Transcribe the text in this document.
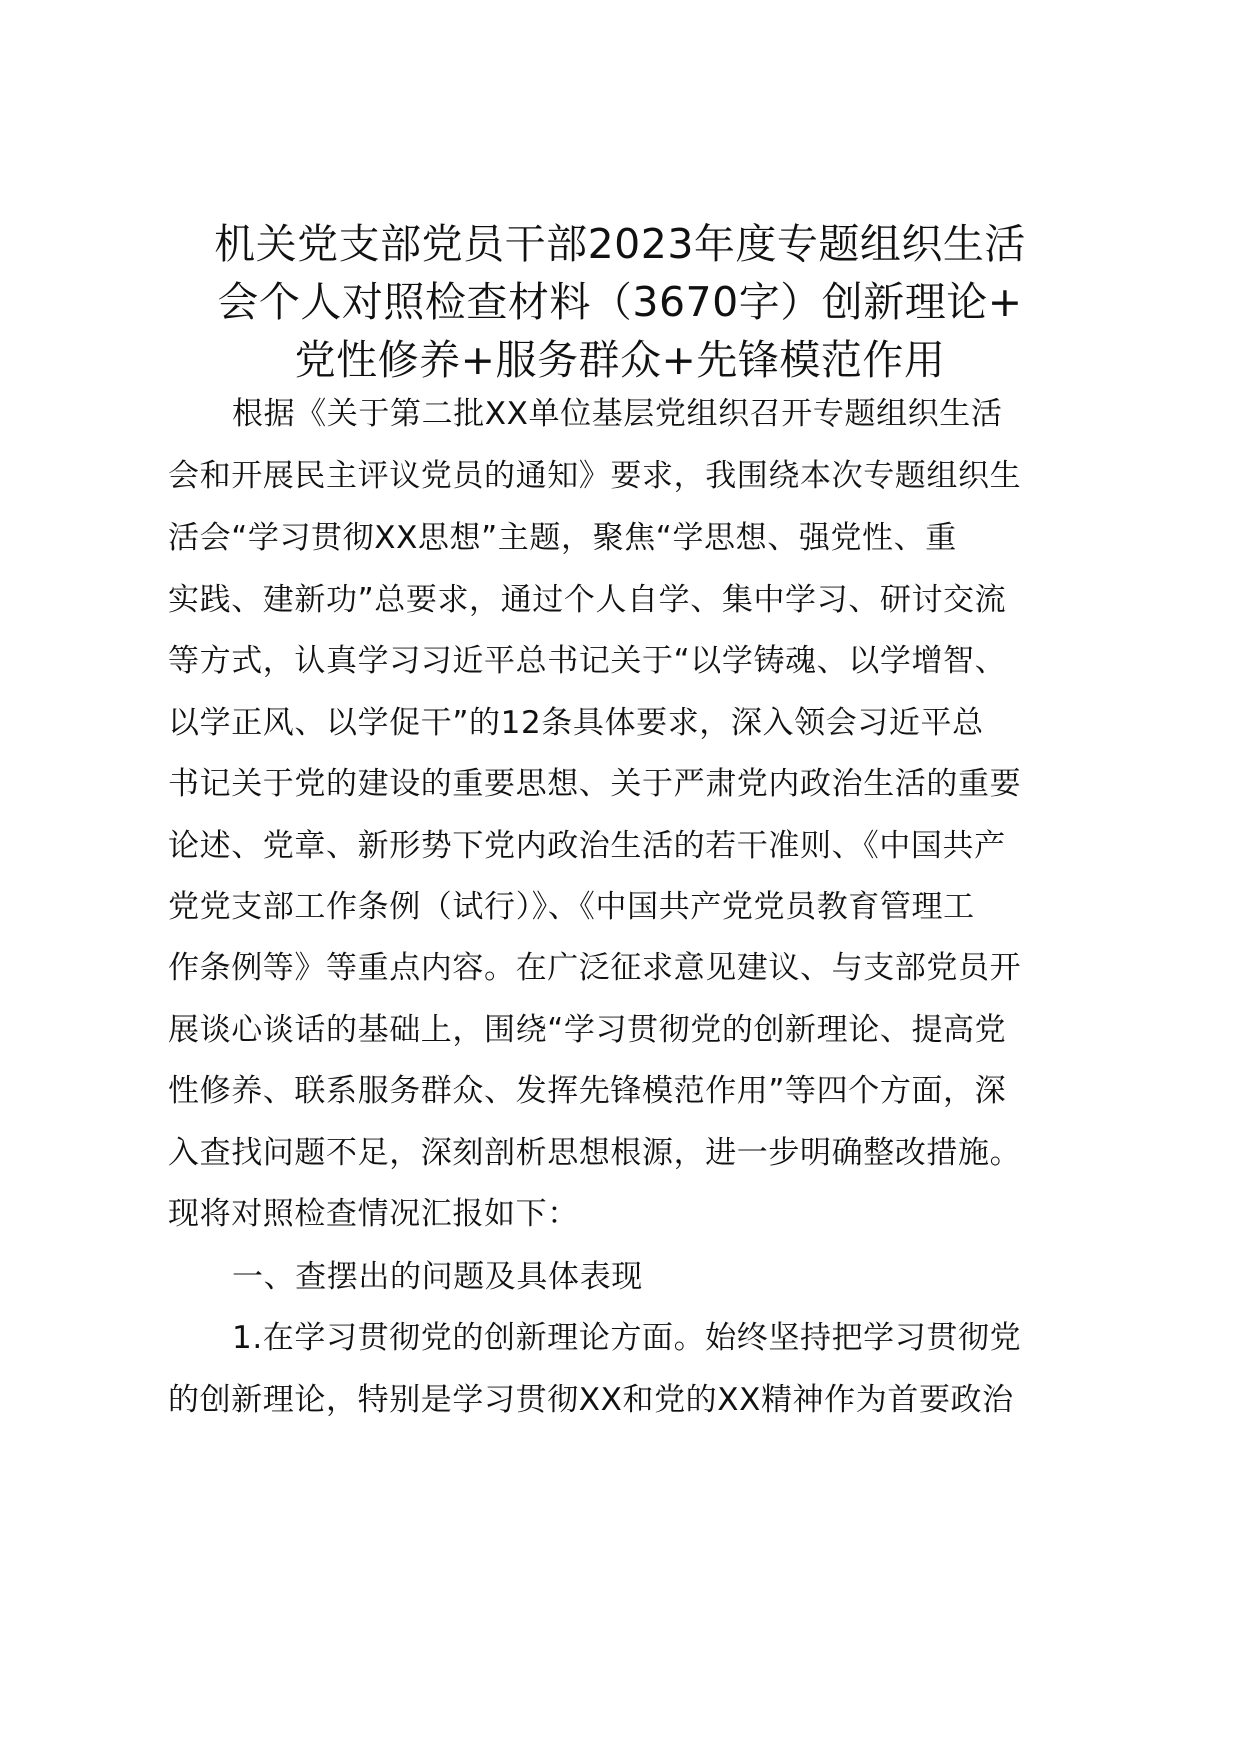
机关党支部党员干部2023年度专题组织生活
会个人对照检查材料（3670字）创新理论+
党性修养+服务群众+先锋模范作用
根据《关于第二批XX单位基层党组织召开专题组织生活
会和开展民主评议党员的通知》要求，我围绕本次专题组织生
活会“学习贯彻XX思想”主题，聚焦“学思想、强党性、重
实践、建新功”总要求，通过个人自学、集中学习、研讨交流
等方式，认真学习习近平总书记关于“以学铸魂、以学增智、
以学正风、以学促干”的12条具体要求，深入领会习近平总
书记关于党的建设的重要思想、关于严肃党内政治生活的重要
论述、党章、新形势下党内政治生活的若干准则、《中国共产
党党支部工作条例（试行）》、《中国共产党党员教育管理工
作条例等》等重点内容。在广泛征求意见建议、与支部党员开
展谈心谈话的基础上，围绕“学习贯彻党的创新理论、提高党
性修养、联系服务群众、发挥先锋模范作用”等四个方面，深
入查找问题不足，深刻剖析思想根源，进一步明确整改措施。
现将对照检查情况汇报如下：
一、查摆出的问题及具体表现
1.在学习贯彻党的创新理论方面。始终坚持把学习贯彻党
的创新理论，特别是学习贯彻XX和党的XX精神作为首要政治
